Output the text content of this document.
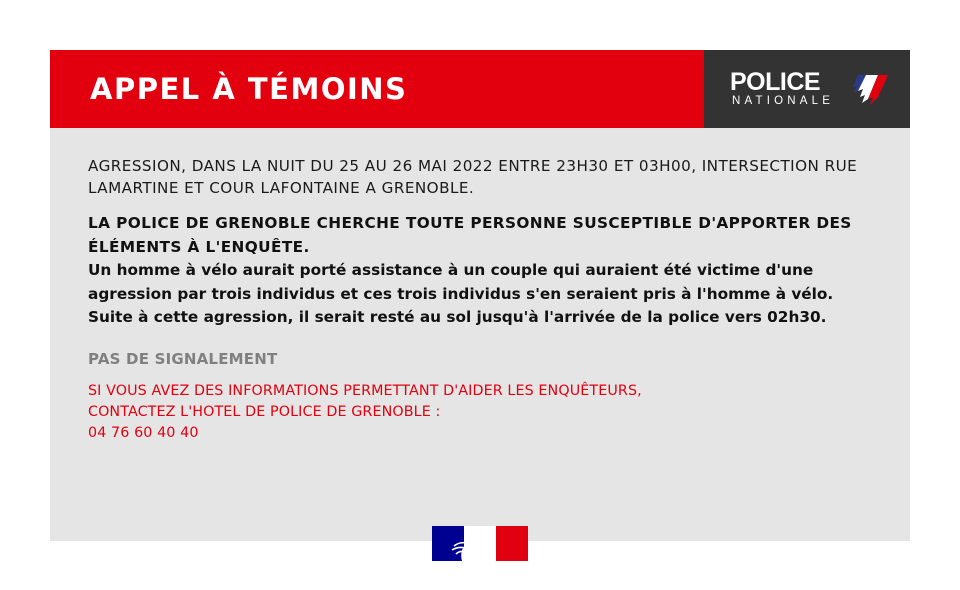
APPEL À TÉMOINS	POLICE
NATIONALE

AGRESSION, DANS LA NUIT DU 25 AU 26 MAI 2022 ENTRE 23H30 ET 03H00, INTERSECTION RUE LAMARTINE ET COUR LAFONTAINE A GRENOBLE.

LA POLICE DE GRENOBLE CHERCHE TOUTE PERSONNE SUSCEPTIBLE D'APPORTER DES ÉLÉMENTS À L'ENQUÊTE.

Un homme à vélo aurait porté assistance à un couple qui auraient été victime d'une

agression par trois individus et ces trois individus s'en seraient pris à l'homme à vélo.

Suite à cette agression, il serait resté au sol jusqu'à l'arrivée de la police vers 02h30.

PAS DE SIGNALEMENT

SI VOUS AVEZ DES INFORMATIONS PERMETTANT D'AIDER LES ENQUÊTEURS,

CONTACTEZ L'HOTEL DE POLICE DE GRENOBLE :

04 76 60 40 40
